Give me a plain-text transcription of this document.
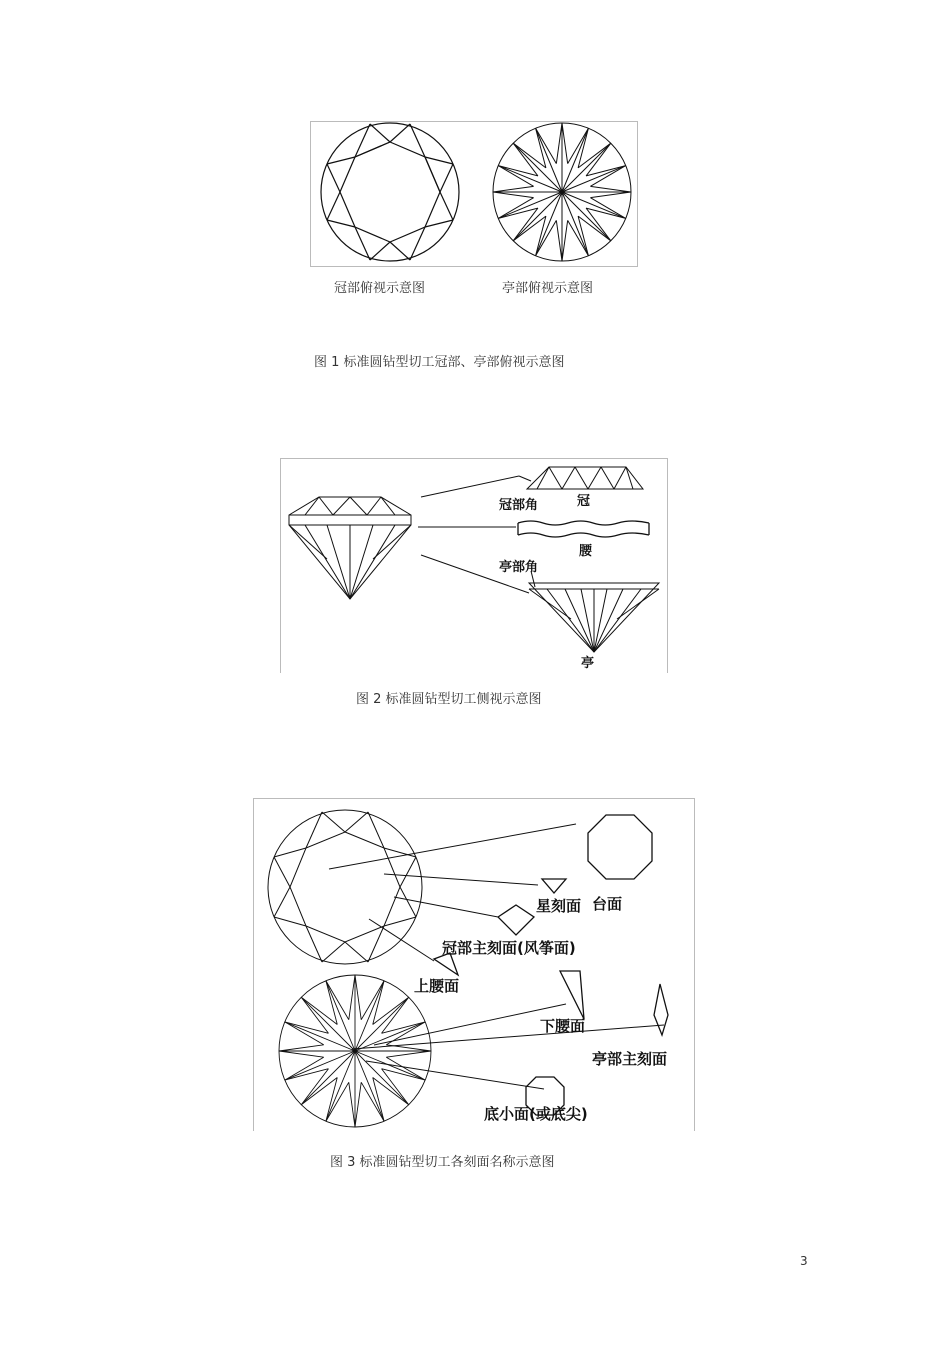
冠部俯视示意图	亭部俯视示意图
图 1 标准圆钻型切工冠部、亭部俯视示意图
冠部角	冠
腰
亭部角
亭
图 2 标准圆钻型切工侧视示意图
星刻面 台面
冠部主刻面(风筝面)
上腰面
下腰面
亭部主刻面
底小面(或底尖)
图 3 标准圆钻型切工各刻面名称示意图
3
